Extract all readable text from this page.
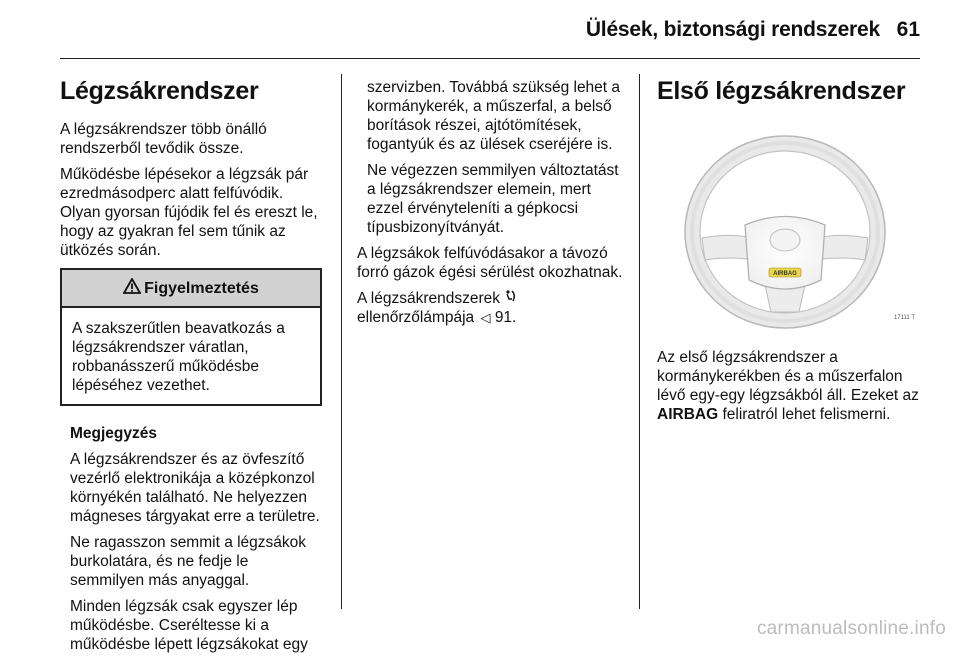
Ülések, biztonsági rendszerek 61
Légzsákrendszer

A légzsákrendszer több önálló rendszerből tevődik össze.

Működésbe lépésekor a légzsák pár ezredmásodperc alatt felfúvódik. Olyan gyorsan fújódik fel és ereszt le, hogy az gyakran fel sem tűnik az ütközés során.

Figyelmeztetés
A szakszerűtlen beavatkozás a légzsákrendszer váratlan, robbanásszerű működésbe lépéséhez vezethet.

Megjegyzés

A légzsákrendszer és az övfeszítő vezérlő elektronikája a középkonzol környékén található. Ne helyezzen mágneses tárgyakat erre a területre.

Ne ragasszon semmit a légzsákok burkolatára, és ne fedje le semmilyen más anyaggal.

Minden légzsák csak egyszer lép működésbe. Cseréltesse ki a működésbe lépett légzsákokat egy

szervizben. Továbbá szükség lehet a kormánykerék, a műszerfal, a belső borítások részei, ajtótömítések, fogantyúk és az ülések cseréjére is.

Ne végezzen semmilyen változtatást a légzsákrendszer elemein, mert ezzel érvényteleníti a gépkocsi típusbizonyítványát.

A légzsákok felfúvódásakor a távozó forró gázok égési sérülést okozhatnak.

A légzsákrendszerek
ellenőrzőlámpája ◁ 91.

Első légzsákrendszer
AIRBAG
17111 T

Az első légzsákrendszer a kormánykerékben és a műszerfalon lévő egy-egy légzsákból áll. Ezeket az AIRBAG feliratról lehet felismerni.

carmanualsonline.info
